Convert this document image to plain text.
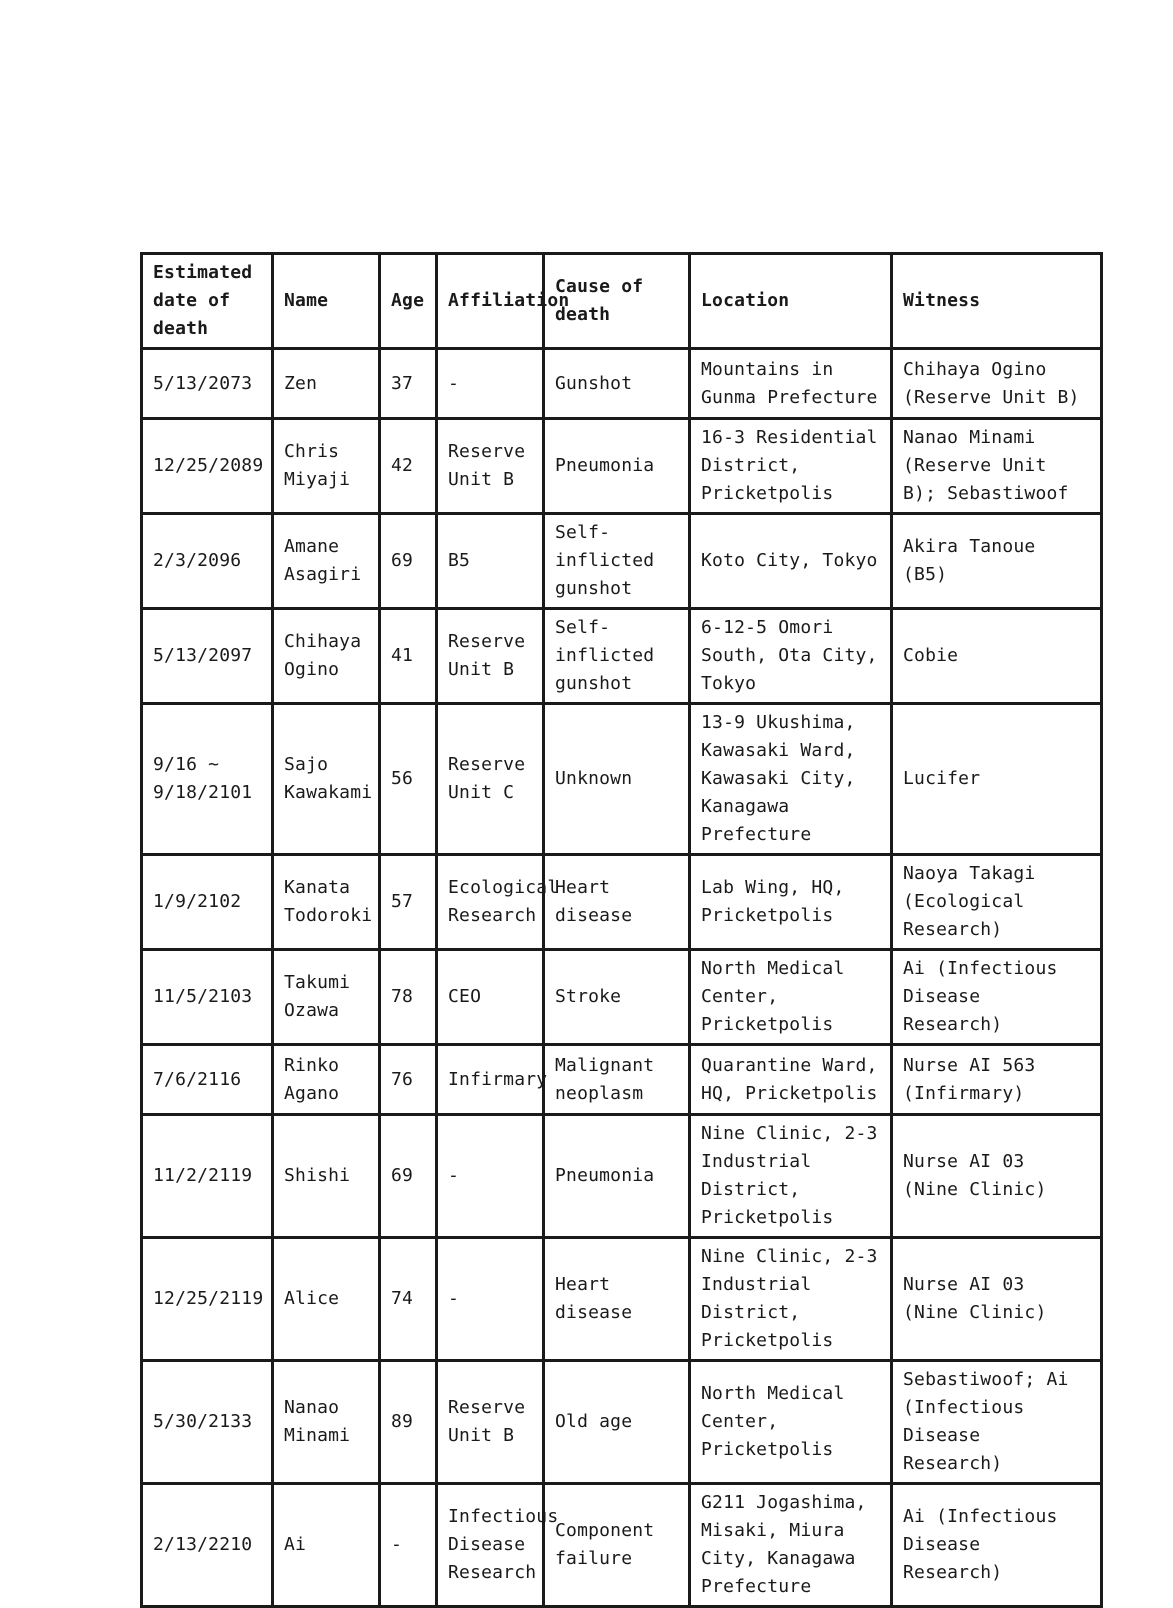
Estimated date of death	Name	Age	Affiliation	Cause of death	Location	Witness
5/13/2073	Zen	37	-	Gunshot	Mountains in Gunma Prefecture	Chihaya Ogino (Reserve Unit B)
12/25/2089	Chris Miyaji	42	Reserve Unit B	Pneumonia	16-3 Residential District, Pricketpolis	Nanao Minami (Reserve Unit B); Sebastiwoof
2/3/2096	Amane Asagiri	69	B5	Self-inflicted gunshot	Koto City, Tokyo	Akira Tanoue (B5)
5/13/2097	Chihaya Ogino	41	Reserve Unit B	Self-inflicted gunshot	6-12-5 Omori South, Ota City, Tokyo	Cobie
9/16 ~ 9/18/2101	Sajo Kawakami	56	Reserve Unit C	Unknown	13-9 Ukushima, Kawasaki Ward, Kawasaki City, Kanagawa Prefecture	Lucifer
1/9/2102	Kanata Todoroki	57	Ecological Research	Heart disease	Lab Wing, HQ, Pricketpolis	Naoya Takagi (Ecological Research)
11/5/2103	Takumi Ozawa	78	CEO	Stroke	North Medical Center, Pricketpolis	Ai (Infectious Disease Research)
7/6/2116	Rinko Agano	76	Infirmary	Malignant neoplasm	Quarantine Ward, HQ, Pricketpolis	Nurse AI 563 (Infirmary)
11/2/2119	Shishi	69	-	Pneumonia	Nine Clinic, 2-3 Industrial District, Pricketpolis	Nurse AI 03 (Nine Clinic)
12/25/2119	Alice	74	-	Heart disease	Nine Clinic, 2-3 Industrial District, Pricketpolis	Nurse AI 03 (Nine Clinic)
5/30/2133	Nanao Minami	89	Reserve Unit B	Old age	North Medical Center, Pricketpolis	Sebastiwoof; Ai (Infectious Disease Research)
2/13/2210	Ai	-	Infectious Disease Research	Component failure	G211 Jogashima, Misaki, Miura City, Kanagawa Prefecture	Ai (Infectious Disease Research)
